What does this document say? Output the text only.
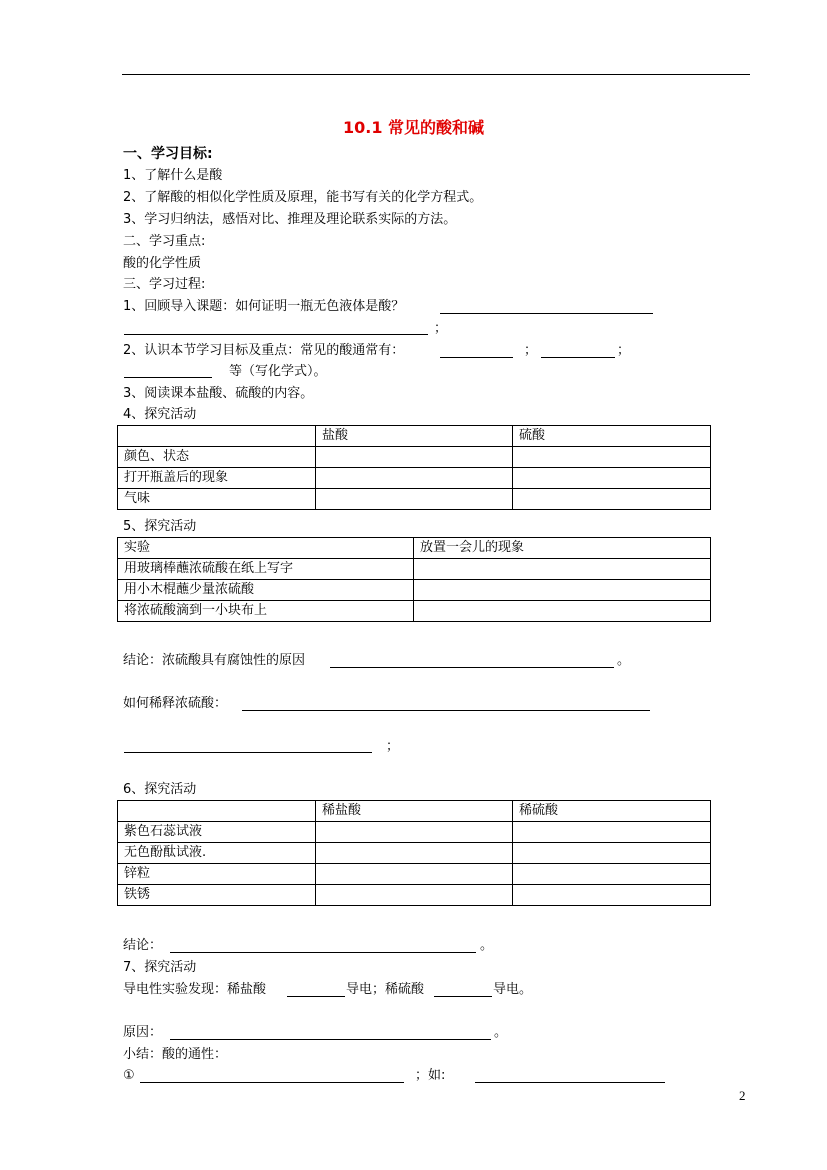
10.1 常见的酸和碱
一、学习目标:
1、了解什么是酸
2、了解酸的相似化学性质及原理，能书写有关的化学方程式。
3、学习归纳法，感悟对比、推理及理论联系实际的方法。
二、学习重点:
酸的化学性质
三、学习过程:
1、回顾导入课题：如何证明一瓶无色液体是酸？
；
2、认识本节学习目标及重点：常见的酸通常有：	；	；
等（写化学式）。
3、阅读课本盐酸、硫酸的内容。
4、探究活动
	盐酸	硫酸
颜色、状态		
打开瓶盖后的现象		
气味		
5、探究活动
实验	放置一会儿的现象
用玻璃棒蘸浓硫酸在纸上写字	
用小木棍蘸少量浓硫酸	
将浓硫酸滴到一小块布上	
结论：浓硫酸具有腐蚀性的原因	。
如何稀释浓硫酸：
；
6、探究活动
	稀盐酸	稀硫酸
紫色石蕊试液		
无色酚酞试液.		
锌粒		
铁锈		
结论：	。
7、探究活动
导电性实验发现：稀盐酸	导电；稀硫酸	导电。
原因：	。
小结：酸的通性：
①	；如:
2
